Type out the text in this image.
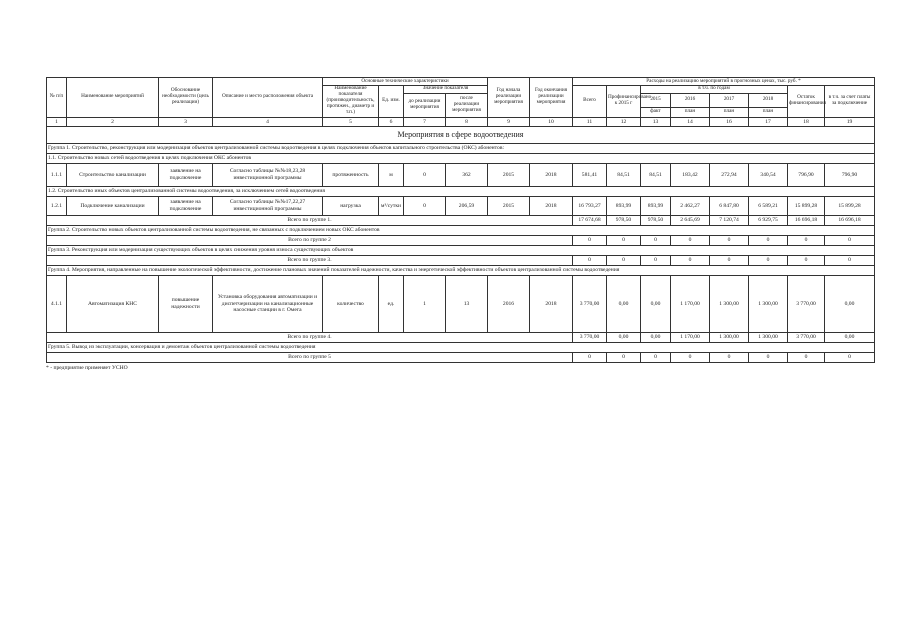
№ п/п	Наименование мероприятий	Обоснование необходимости (цель реализации)	Описание и место расположения объекта	Основные технические характеристики				Год начала реализации мероприятия	Год окончания реализации мероприятия	Расходы на реализацию мероприятий в прогнозных ценах, тыс. руб. *							
				Наименование показателя (производительность, протяжен., диаметр и т.п.)	Ед. изм.	Значение показателя				Всего	Профинансировано к 2015 г	в т.ч. по годам				Остаток финансирования	в т.ч. за счет платы за подключение
						до реализации мероприятия	после реализации мероприятия					2015	2016	2017	2018		
												факт	план	план	план		
1	2	3	4	5	6	7	8	9	10	11	12	13	14	16	17	18	19
Мероприятия в сфере водоотведения																	
Группа 1. Строительство, реконструкция или модернизация объектов централизованной системы водоотведения в целях подключения объектов капитального строительства (ОКС) абонентов:																	
1.1. Строительство новых сетей водоотведения в целях подключения ОКС абонентов																	
1.1.1	Строительство канализации	заявление на подключение	Согласно таблицы №№18,23,28 инвестиционной программы	протяженность	м	0	362	2015	2018	581,41	84,51	84,51	183,42	272,94	340,54	796,90	796,90
1.2. Строительство иных объектов централизованной системы водоотведения, за исключением сетей водоотведения																	
1.2.1	Подключение канализации	заявление на подключение	Согласно таблицы №№17,22,27 инвестиционной программы	нагрузка	м³/сутки	0	206,59	2015	2018	16 793,27	893,99	893,99	2 462,27	6 847,80	6 589,21	15 899,28	15 899,28
Всего по группе 1.										17 674,68	978,50	978,50	2 645,69	7 120,74	6 929,75	16 696,18	16 696,18
Группа 2. Строительство новых объектов централизованной системы водоотведения, не связанных с подключением новых ОКС абонентов																	
Всего по группе 2										0	0	0	0	0	0	0	0
Группа 3. Реконструкция или модернизация существующих объектов в целях снижения уровня износа существующих объектов																	
Всего по группе 3.										0	0	0	0	0	0	0	0
Группа 4. Мероприятия, направленные на повышение экологической эффективности, достижение плановых значений показателей надежности, качества и энергетической эффективности объектов централизованной системы водоотведения																	
4.1.1	Автоматизация КНС	повышение надежности	Установка оборудования автоматизации и диспетчеризации на канализационные насосные станции в г. Омега	количество	ед.	1	13	2016	2018	3 770,00	0,00	0,00	1 170,00	1 300,00	1 300,00	3 770,00	0,00
Всего по группе 4.										3 770,00	0,00	0,00	1 170,00	1 300,00	1 300,00	3 770,00	0,00
Группа 5. Вывод из эксплуатации, консервация и демонтаж объектов централизованной системы водоотведения																	
Всего по группе 5										0	0	0	0	0	0	0	0
* - предприятие применяет УСНО
